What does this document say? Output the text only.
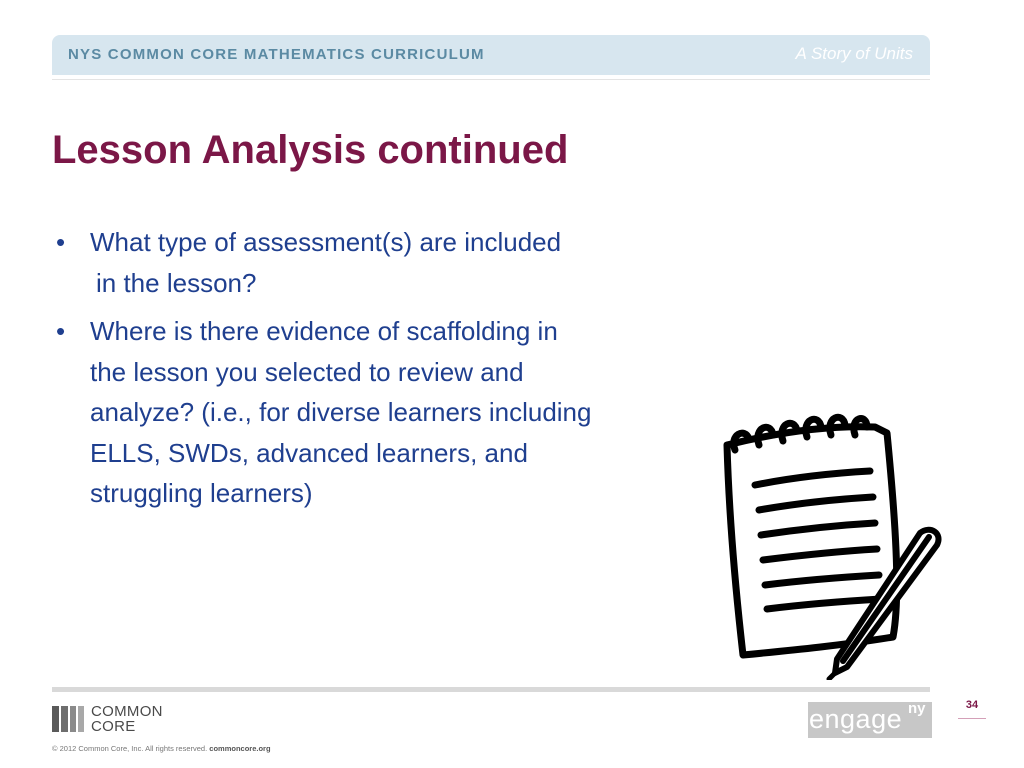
NYS COMMON CORE MATHEMATICS CURRICULUM	A Story of Units
Lesson Analysis continued
• What type of assessment(s) are included
in the lesson?
• Where is there evidence of scaffolding in
the lesson you selected to review and
analyze? (i.e., for diverse learners including
ELLS, SWDs, advanced learners, and
struggling learners)
COMMON
CORE
© 2012 Common Core, Inc. All rights reserved. commoncore.org
engage ny	34
